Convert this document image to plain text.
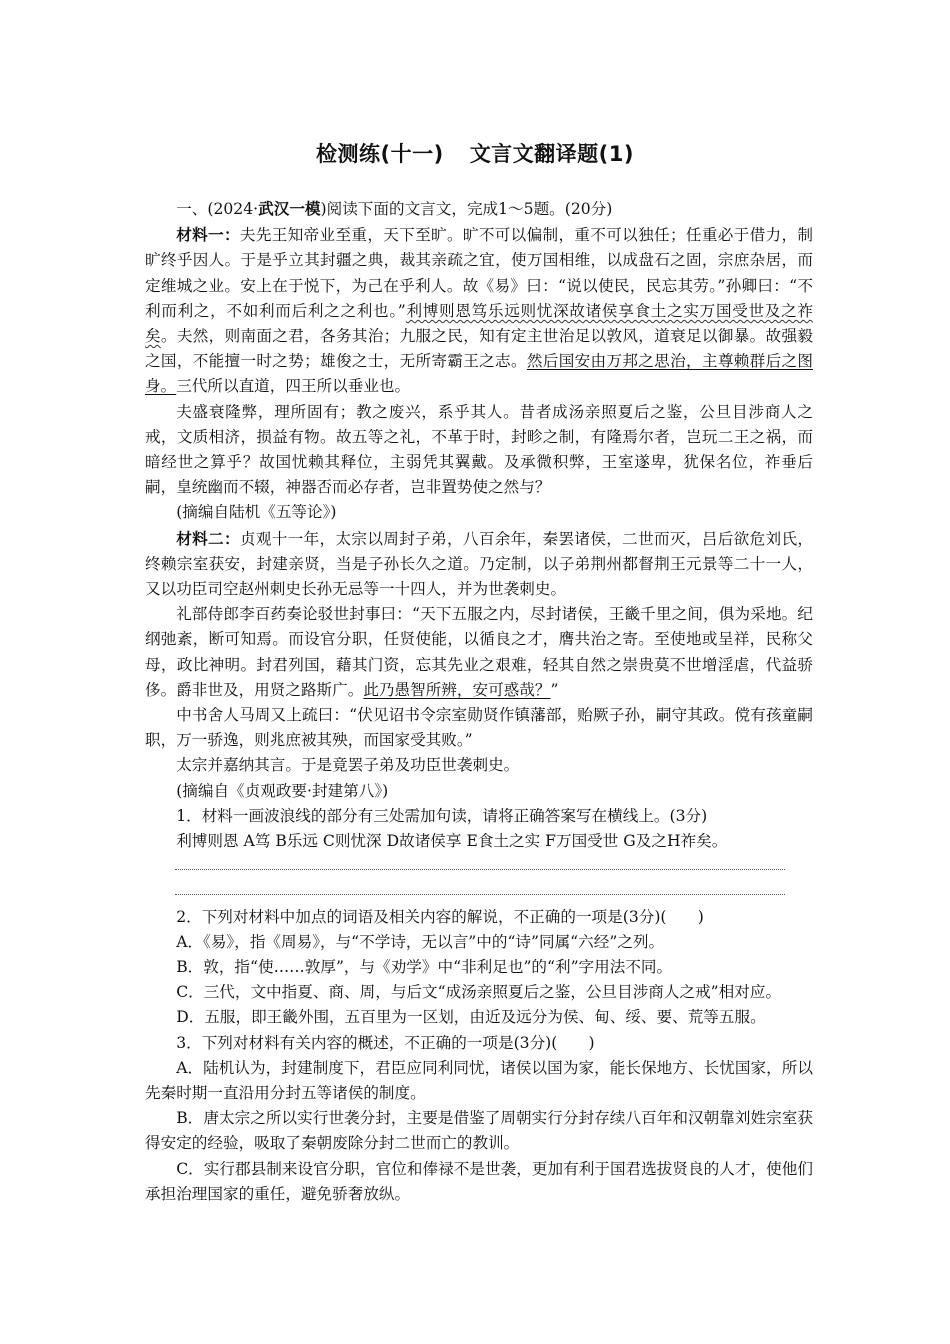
检测练(十一) 文言文翻译题(1)

一、(2024·武汉一模)阅读下面的文言文，完成1～5题。(20分)

材料一：夫先王知帝业至重，天下至旷。旷不可以偏制，重不可以独任；任重必于借力，制旷终乎因人。于是乎立其封疆之典，裁其亲疏之宜，使万国相维，以成盘石之固，宗庶杂居，而定维城之业。安上在于悦下，为己在乎利人。故《易》曰：“说以使民，民忘其劳。”孙卿曰：“不利而利之，不如利而后利之之利也。”利博则恩笃乐远则忧深故诸侯享食土之实万国受世及之祚矣。夫然，则南面之君，各务其治；九服之民，知有定主世治足以敦风，道衰足以御暴。故强毅之国，不能擅一时之势；雄俊之士，无所寄霸王之志。然后国安由万邦之思治，主尊赖群后之图身。三代所以直道，四王所以垂业也。

夫盛衰隆弊，理所固有；教之废兴，系乎其人。昔者成汤亲照夏后之鉴，公旦目涉商人之戒，文质相济，损益有物。故五等之礼，不革于时，封畛之制，有隆焉尔者，岂玩二王之祸，而暗经世之算乎？故国忧赖其释位，主弱凭其翼戴。及承微积弊，王室遂卑，犹保名位，祚垂后嗣，皇统幽而不辍，神器否而必存者，岂非置势使之然与？

(摘编自陆机《五等论》)

材料二：贞观十一年，太宗以周封子弟，八百余年，秦罢诸侯，二世而灭，吕后欲危刘氏，终赖宗室获安，封建亲贤，当是子孙长久之道。乃定制，以子弟荆州都督荆王元景等二十一人，又以功臣司空赵州刺史长孙无忌等一十四人，并为世袭刺史。

礼部侍郎李百药奏论驳世封事曰：“天下五服之内，尽封诸侯，王畿千里之间，俱为采地。纪纲弛紊，断可知焉。而设官分职，任贤使能，以循良之才，膺共治之寄。至使地或呈祥，民称父母，政比神明。封君列国，藉其门资，忘其先业之艰难，轻其自然之崇贵莫不世增淫虐，代益骄侈。爵非世及，用贤之路斯广。此乃愚智所辨，安可惑哉？”

中书舍人马周又上疏曰：“伏见诏书令宗室勋贤作镇藩部，贻厥子孙，嗣守其政。傥有孩童嗣职，万一骄逸，则兆庶被其殃，而国家受其败。”

太宗并嘉纳其言。于是竟罢子弟及功臣世袭刺史。

(摘编自《贞观政要·封建第八》)

1．材料一画波浪线的部分有三处需加句读，请将正确答案写在横线上。(3分)

利博则恩 A笃 B乐远 C则忧深 D故诸侯享 E食土之实 F万国受世 G及之H祚矣。

2．下列对材料中加点的词语及相关内容的解说，不正确的一项是(3分)(　　)

A．《易》，指《周易》，与“不学诗，无以言”中的“诗”同属“六经”之列。

B．敦，指“使……敦厚”，与《劝学》中“非利足也”的“利”字用法不同。

C．三代，文中指夏、商、周，与后文“成汤亲照夏后之鉴，公旦目涉商人之戒”相对应。

D．五服，即王畿外围，五百里为一区划，由近及远分为侯、甸、绥、要、荒等五服。

3．下列对材料有关内容的概述，不正确的一项是(3分)(　　)

A．陆机认为，封建制度下，君臣应同利同忧，诸侯以国为家，能长保地方、长忧国家，所以先秦时期一直沿用分封五等诸侯的制度。

B．唐太宗之所以实行世袭分封，主要是借鉴了周朝实行分封存续八百年和汉朝靠刘姓宗室获得安定的经验，吸取了秦朝废除分封二世而亡的教训。

C．实行郡县制来设官分职，官位和俸禄不是世袭，更加有利于国君选拔贤良的人才，使他们承担治理国家的重任，避免骄奢放纵。
